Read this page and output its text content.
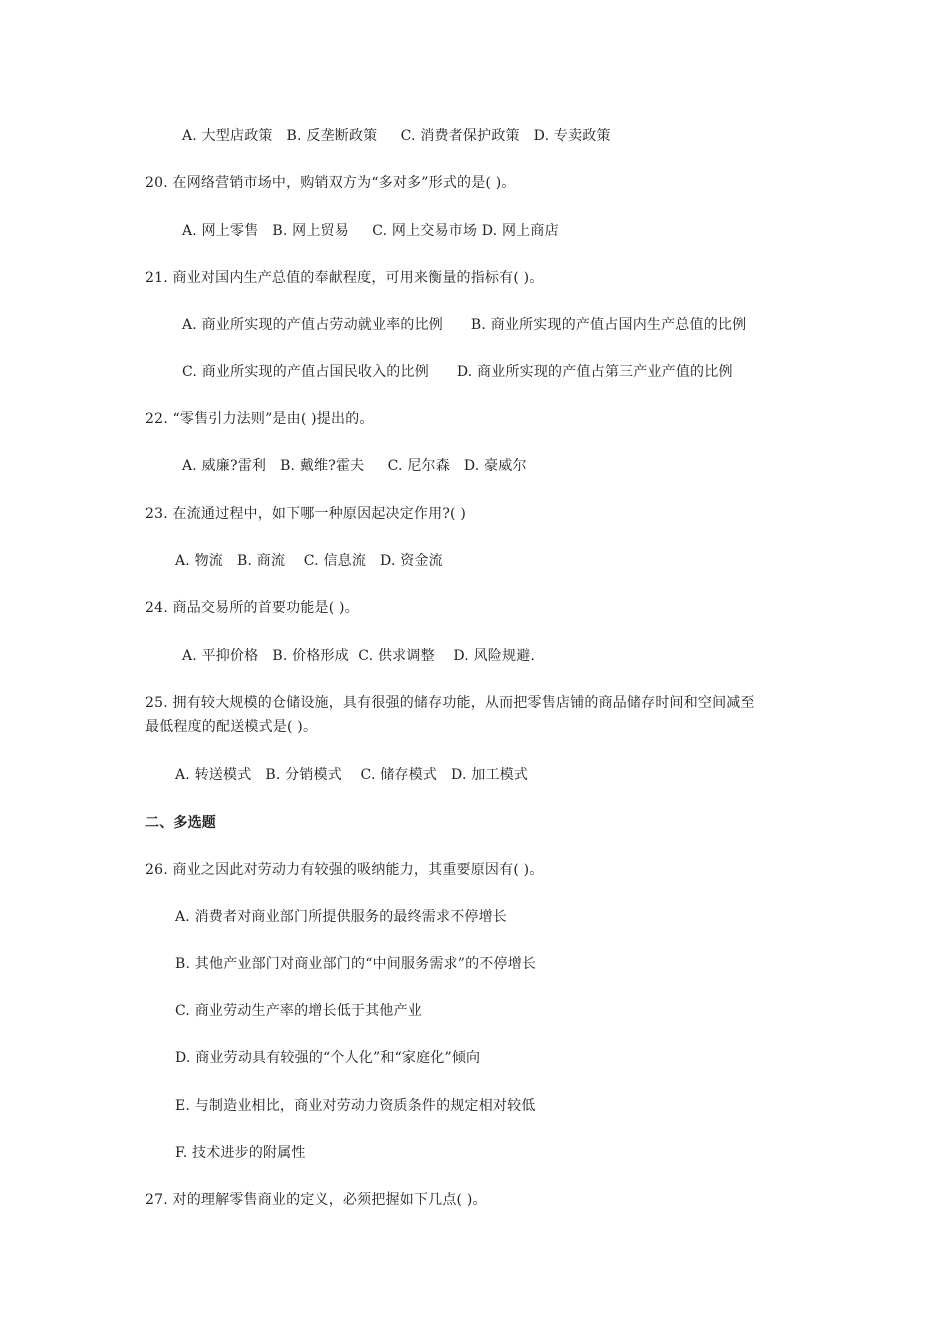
A. 大型店政策   B. 反垄断政策     C. 消费者保护政策   D. 专卖政策
20. 在网络营销市场中，购销双方为“多对多”形式的是( )。
A. 网上零售   B. 网上贸易     C. 网上交易市场 D. 网上商店
21. 商业对国内生产总值的奉献程度，可用来衡量的指标有( )。
A. 商业所实现的产值占劳动就业率的比例      B. 商业所实现的产值占国内生产总值的比例
C. 商业所实现的产值占国民收入的比例      D. 商业所实现的产值占第三产业产值的比例
22. “零售引力法则”是由( )提出的。
A. 威廉?雷利   B. 戴维?霍夫     C. 尼尔森   D. 豪威尔
23. 在流通过程中，如下哪一种原因起决定作用?( )
A. 物流   B. 商流    C. 信息流   D. 资金流
24. 商品交易所的首要功能是( )。
A. 平抑价格   B. 价格形成  C. 供求调整    D. 风险规避.
25. 拥有较大规模的仓储设施，具有很强的储存功能，从而把零售店铺的商品储存时间和空间减至
最低程度的配送模式是( )。
A. 转送模式   B. 分销模式    C. 储存模式   D. 加工模式
二、多选题
26. 商业之因此对劳动力有较强的吸纳能力，其重要原因有( )。
A. 消费者对商业部门所提供服务的最终需求不停增长
B. 其他产业部门对商业部门的“中间服务需求”的不停增长
C. 商业劳动生产率的增长低于其他产业
D. 商业劳动具有较强的“个人化”和“家庭化”倾向
E. 与制造业相比，商业对劳动力资质条件的规定相对较低
F. 技术进步的附属性
27. 对的理解零售商业的定义，必须把握如下几点( )。
